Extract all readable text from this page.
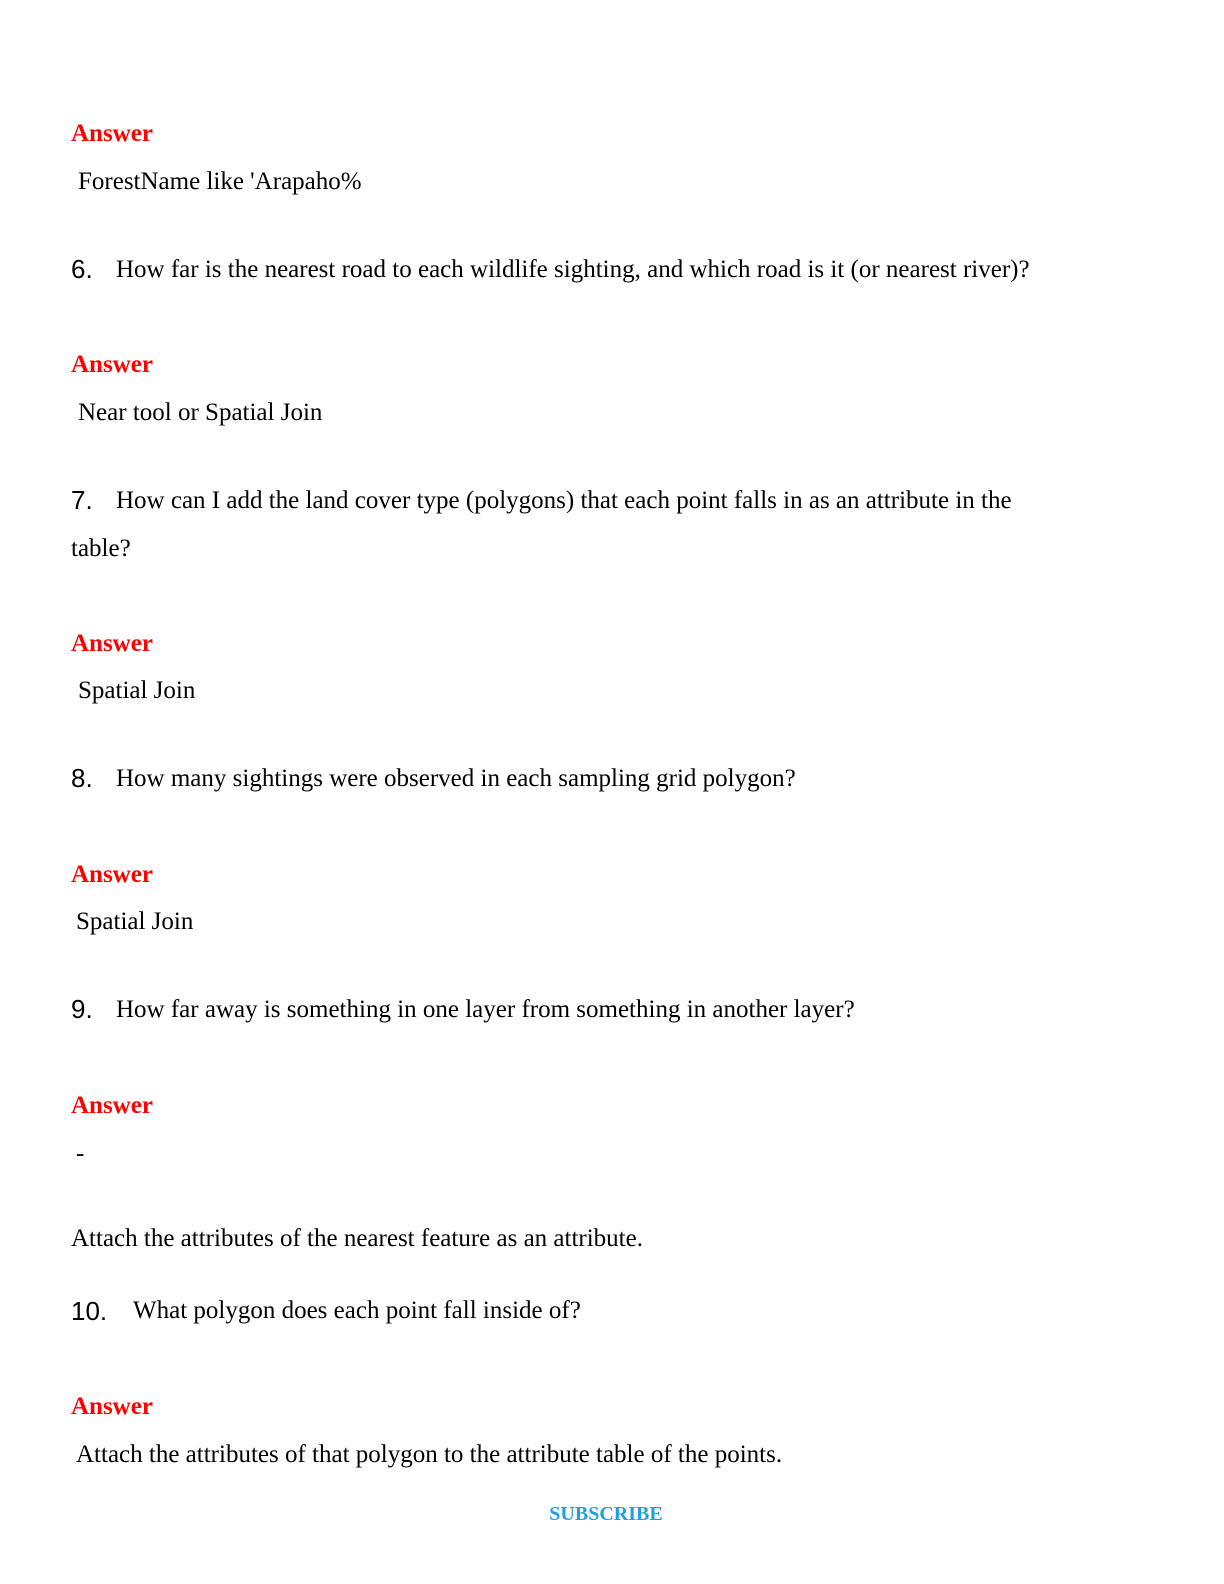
Answer
ForestName like 'Arapaho%
6. How far is the nearest road to each wildlife sighting, and which road is it (or nearest river)?
Answer
Near tool or Spatial Join
7. How can I add the land cover type (polygons) that each point falls in as an attribute in the
table?
Answer
Spatial Join
8. How many sightings were observed in each sampling grid polygon?
Answer
Spatial Join
9. How far away is something in one layer from something in another layer?
Answer
-
Attach the attributes of the nearest feature as an attribute.
10. What polygon does each point fall inside of?
Answer
Attach the attributes of that polygon to the attribute table of the points.
SUBSCRIBE
